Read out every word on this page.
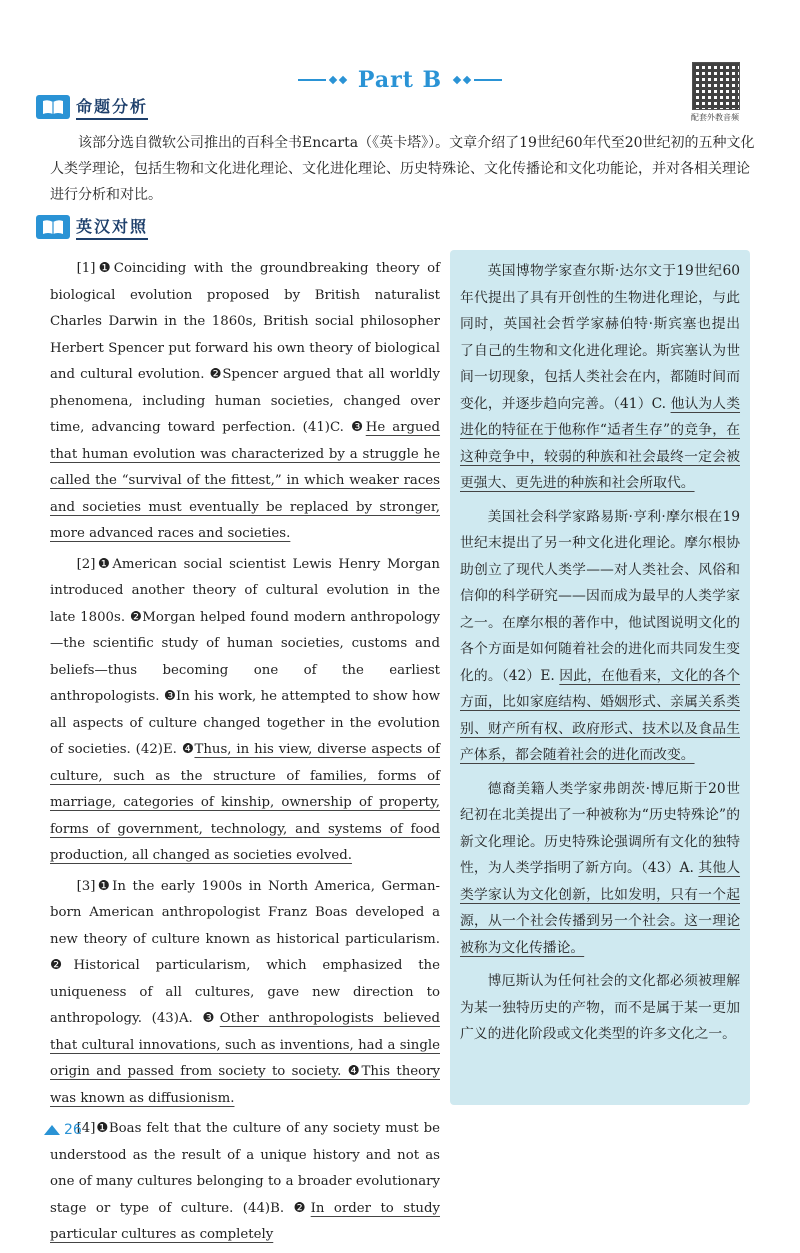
Part B
配套外教音频
命题分析
该部分选自微软公司推出的百科全书Encarta（《英卡塔》）。文章介绍了19世纪60年代至20世纪初的五种文化人类学理论，包括生物和文化进化理论、文化进化理论、历史特殊论、文化传播论和文化功能论，并对各相关理论进行分析和对比。
英汉对照

[1]❶Coinciding with the groundbreaking theory of biological evolution proposed by British naturalist Charles Darwin in the 1860s, British social philosopher Herbert Spencer put forward his own theory of biological and cultural evolution. ❷Spencer argued that all worldly phenomena, including human societies, changed over time, advancing toward perfection. (41)C. ❸He argued that human evolution was characterized by a struggle he called the “survival of the fittest,” in which weaker races and societies must eventually be replaced by stronger, more advanced races and societies.

[2]❶American social scientist Lewis Henry Morgan introduced another theory of cultural evolution in the late 1800s. ❷Morgan helped found modern anthropology—the scientific study of human societies, customs and beliefs—thus becoming one of the earliest anthropologists. ❸In his work, he attempted to show how all aspects of culture changed together in the evolution of societies. (42)E. ❹Thus, in his view, diverse aspects of culture, such as the structure of families, forms of marriage, categories of kinship, ownership of property, forms of government, technology, and systems of food production, all changed as societies evolved.

[3]❶In the early 1900s in North America, German-born American anthropologist Franz Boas developed a new theory of culture known as historical particularism. ❷Historical particularism, which emphasized the uniqueness of all cultures, gave new direction to anthropology. (43)A. ❸Other anthropologists believed that cultural innovations, such as inventions, had a single origin and passed from society to society. ❹This theory was known as diffusionism.

[4]❶Boas felt that the culture of any society must be understood as the result of a unique history and not as one of many cultures belonging to a broader evolutionary stage or type of culture. (44)B. ❷In order to study particular cultures as completely

英国博物学家查尔斯·达尔文于19世纪60年代提出了具有开创性的生物进化理论，与此同时，英国社会哲学家赫伯特·斯宾塞也提出了自己的生物和文化进化理论。斯宾塞认为世间一切现象，包括人类社会在内，都随时间而变化，并逐步趋向完善。（41）C. 他认为人类进化的特征在于他称作“适者生存”的竞争，在这种竞争中，较弱的种族和社会最终一定会被更强大、更先进的种族和社会所取代。

美国社会科学家路易斯·亨利·摩尔根在19世纪末提出了另一种文化进化理论。摩尔根协助创立了现代人类学——对人类社会、风俗和信仰的科学研究——因而成为最早的人类学家之一。在摩尔根的著作中，他试图说明文化的各个方面是如何随着社会的进化而共同发生变化的。（42）E. 因此，在他看来，文化的各个方面，比如家庭结构、婚姻形式、亲属关系类别、财产所有权、政府形式、技术以及食品生产体系，都会随着社会的进化而改变。

德裔美籍人类学家弗朗茨·博厄斯于20世纪初在北美提出了一种被称为“历史特殊论”的新文化理论。历史特殊论强调所有文化的独特性，为人类学指明了新方向。（43）A. 其他人类学家认为文化创新，比如发明，只有一个起源，从一个社会传播到另一个社会。这一理论被称为文化传播论。

博厄斯认为任何社会的文化都必须被理解为某一独特历史的产物，而不是属于某一更加广义的进化阶段或文化类型的许多文化之一。

26
